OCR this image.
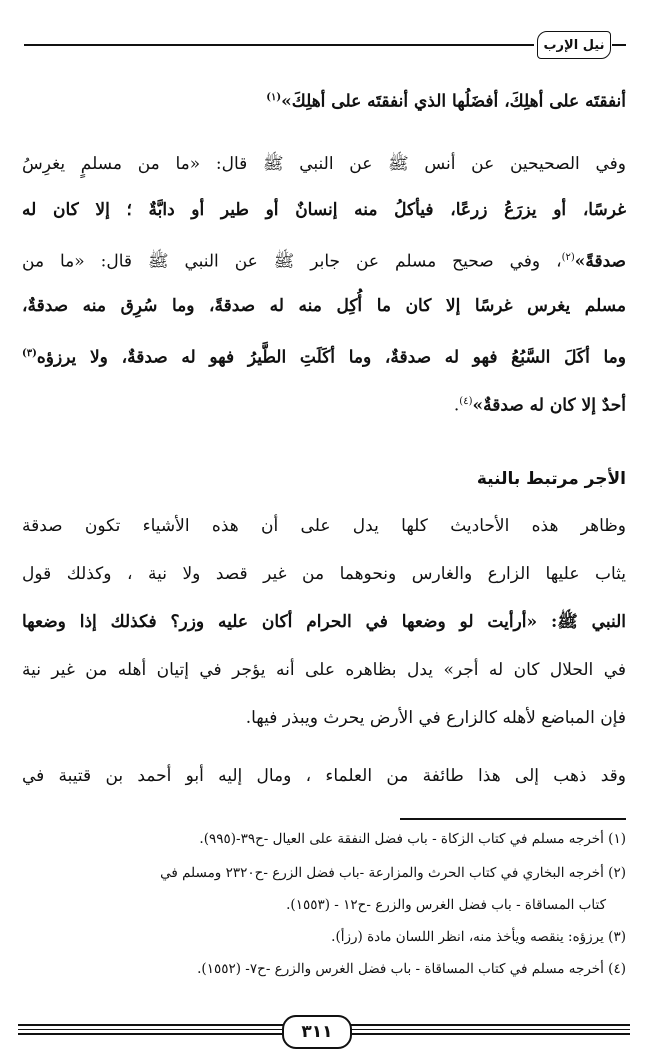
نيل الإرب
أنفقتَه على أهلِكَ، أفضَلُها الذي أنفقتَه على أهلِكَ»$^{(١)}$
وفي الصحيحين عن أنس ﷺ عن النبي ﷺ قال: «ما من مسلمٍ يغرِسُ
غرسًا، أو يزرَعُ زرعًا، فيأكلُ منه إنسانٌ أو طير أو دابَّةٌ ؛ إلا كان له
صدقةً»$^{(٢)}$، وفي صحيح مسلم عن جابر ﷺ عن النبي ﷺ قال: «ما من
مسلم يغرس غرسًا إلا كان ما أُكِل منه له صدقةً، وما سُرِق منه صدقةٌ،
وما أكَلَ السَّبُعُ فهو له صدقةٌ، وما أكَلَتِ الطَّيرُ فهو له صدقةٌ، ولا يرزؤه$^{(٣)}$
أحدٌ إلا كان له صدقةٌ»$^{(٤)}$.
الأجر مرتبط بالنية
وظاهر هذه الأحاديث كلها يدل على أن هذه الأشياء تكون صدقة
يثاب عليها الزارع والغارس ونحوهما من غير قصد ولا نية ، وكذلك قول
النبي ﷺ: «أرأيت لو وضعها في الحرام أكان عليه وزر؟ فكذلك إذا وضعها
في الحلال كان له أجر» يدل بظاهره على أنه يؤجر في إتيان أهله من غير نية
فإن المباضع لأهله كالزارع في الأرض يحرث ويبذر فيها.
وقد ذهب إلى هذا طائفة من العلماء ، ومال إليه أبو أحمد بن قتيبة في
(١) أخرجه مسلم في كتاب الزكاة - باب فضل النفقة على العيال -ح٣٩-(٩٩٥).
(٢) أخرجه البخاري في كتاب الحرث والمزارعة -باب فضل الزرع -ح٢٣٢٠ ومسلم في
كتاب المساقاة - باب فضل الغرس والزرع -ح١٢ - (١٥٥٣).
(٣) يرزؤه: ينقصه ويأخذ منه، انظر اللسان مادة (رزأ).
(٤) أخرجه مسلم في كتاب المساقاة - باب فضل الغرس والزرع -ح٧- (١٥٥٢).
٣١١
